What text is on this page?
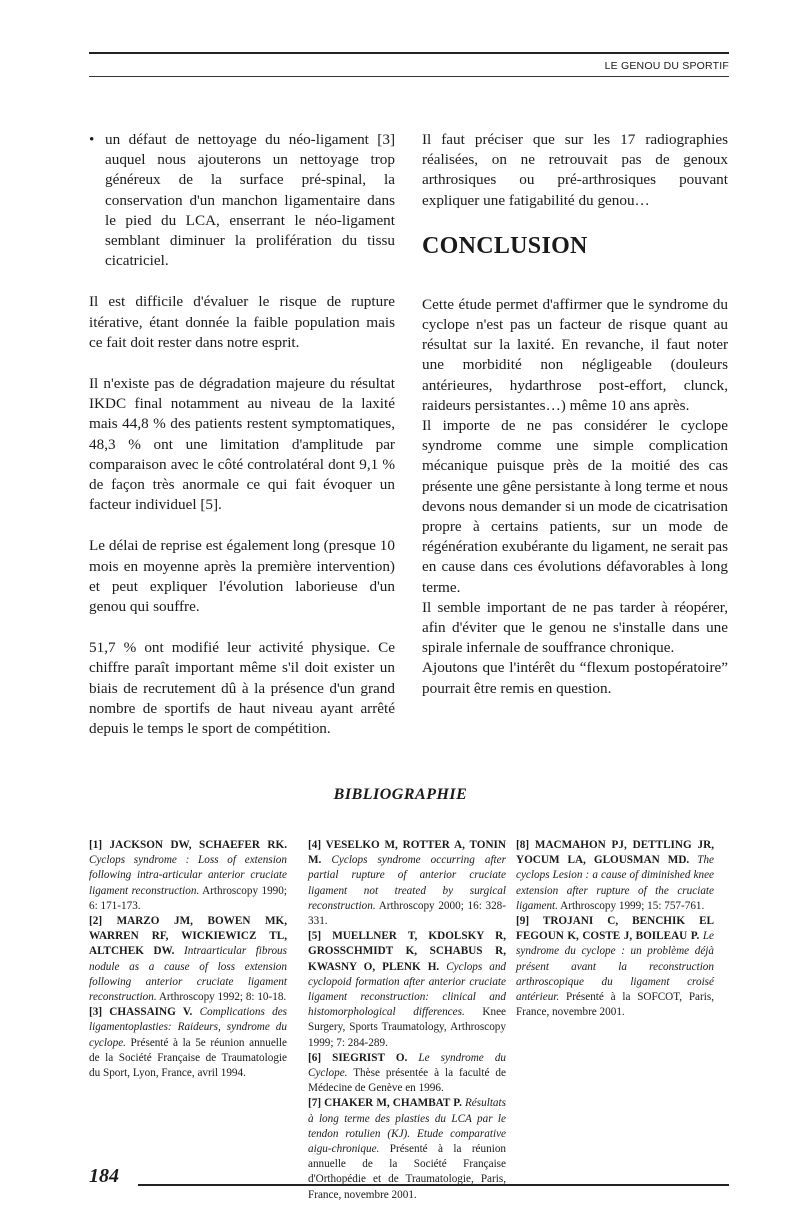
LE GENOU DU SPORTIF

• un défaut de nettoyage du néo-ligament [3] auquel nous ajouterons un nettoyage trop généreux de la surface pré-spinal, la conservation d'un manchon ligamentaire dans le pied du LCA, enserrant le néo-ligament semblant diminuer la prolifération du tissu cicatriciel.

Il est difficile d'évaluer le risque de rupture itérative, étant donnée la faible population mais ce fait doit rester dans notre esprit.

Il n'existe pas de dégradation majeure du résultat IKDC final notamment au niveau de la laxité mais 44,8 % des patients restent symptomatiques, 48,3 % ont une limitation d'amplitude par comparaison avec le côté controlatéral dont 9,1 % de façon très anormale ce qui fait évoquer un facteur individuel [5].

Le délai de reprise est également long (presque 10 mois en moyenne après la première intervention) et peut expliquer l'évolution laborieuse d'un genou qui souffre.

51,7 % ont modifié leur activité physique. Ce chiffre paraît important même s'il doit exister un biais de recrutement dû à la présence d'un grand nombre de sportifs de haut niveau ayant arrêté depuis le temps le sport de compétition.

Il faut préciser que sur les 17 radiographies réalisées, on ne retrouvait pas de genoux arthrosiques ou pré-arthrosiques pouvant expliquer une fatigabilité du genou…

CONCLUSION

Cette étude permet d'affirmer que le syndrome du cyclope n'est pas un facteur de risque quant au résultat sur la laxité. En revanche, il faut noter une morbidité non négligeable (douleurs antérieures, hydarthrose post-effort, clunck, raideurs persistantes…) même 10 ans après.

Il importe de ne pas considérer le cyclope syndrome comme une simple complication mécanique puisque près de la moitié des cas présente une gêne persistante à long terme et nous devons nous demander si un mode de cicatrisation propre à certains patients, sur un mode de régénération exubérante du ligament, ne serait pas en cause dans ces évolutions défavorables à long terme.

Il semble important de ne pas tarder à réopérer, afin d'éviter que le genou ne s'installe dans une spirale infernale de souffrance chronique.

Ajoutons que l'intérêt du “flexum postopératoire” pourrait être remis en question.

BIBLIOGRAPHIE

[1] JACKSON DW, SCHAEFER RK. Cyclops syndrome : Loss of extension following intra-articular anterior cruciate ligament reconstruction. Arthroscopy 1990; 6: 171-173.

[2] MARZO JM, BOWEN MK, WARREN RF, WICKIEWICZ TL, ALTCHEK DW. Intraarticular fibrous nodule as a cause of loss extension following anterior cruciate ligament reconstruction. Arthroscopy 1992; 8: 10-18.

[3] CHASSAING V. Complications des ligamentoplasties: Raideurs, syndrome du cyclope. Présenté à la 5e réunion annuelle de la Société Française de Traumatologie du Sport, Lyon, France, avril 1994.

[4] VESELKO M, ROTTER A, TONIN M. Cyclops syndrome occurring after partial rupture of anterior cruciate ligament not treated by surgical reconstruction. Arthroscopy 2000; 16: 328-331.

[5] MUELLNER T, KDOLSKY R, GROSSCHMIDT K, SCHABUS R, KWASNY O, PLENK H. Cyclops and cyclopoid formation after anterior cruciate ligament reconstruction: clinical and histomorphological differences. Knee Surgery, Sports Traumatology, Arthroscopy 1999; 7: 284-289.

[6] SIEGRIST O. Le syndrome du Cyclope. Thèse présentée à la faculté de Médecine de Genève en 1996.

[7] CHAKER M, CHAMBAT P. Résultats à long terme des plasties du LCA par le tendon rotulien (KJ). Etude comparative aigu-chronique. Présenté à la réunion annuelle de la Société Française d'Orthopédie et de Traumatologie, Paris, France, novembre 2001.

[8] MACMAHON PJ, DETTLING JR, YOCUM LA, GLOUSMAN MD. The cyclops Lesion : a cause of diminished knee extension after rupture of the cruciate ligament. Arthroscopy 1999; 15: 757-761.

[9] TROJANI C, BENCHIK EL FEGOUN K, COSTE J, BOILEAU P. Le syndrome du cyclope : un problème déjà présent avant la reconstruction arthroscopique du ligament croisé antérieur. Présenté à la SOFCOT, Paris, France, novembre 2001.

184
